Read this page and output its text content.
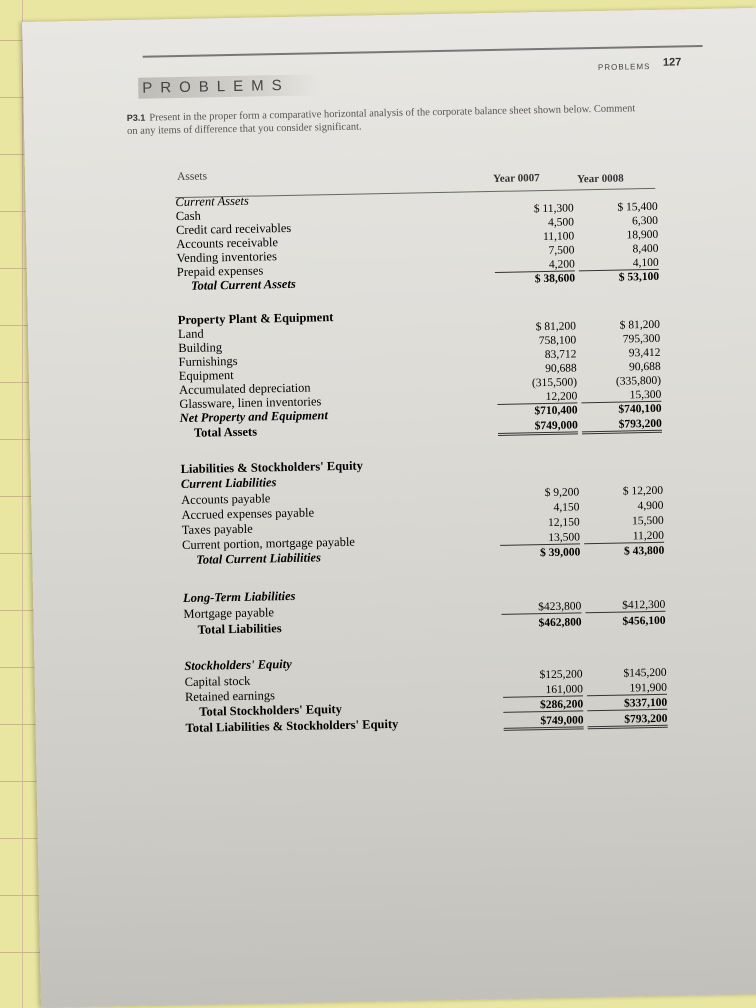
PROBLEMS 127
PROBLEMS
P3.1 Present in the proper form a comparative horizontal analysis of the corporate balance sheet shown below. Comment on any items of difference that you consider significant.
Assets	Year 0007	Year 0008
Current Assets
Cash	$ 11,300	$ 15,400
Credit card receivables	4,500	6,300
Accounts receivable	11,100	18,900
Vending inventories	7,500	8,400
Prepaid expenses	4,200	4,100
Total Current Assets	$ 38,600	$ 53,100
Property Plant & Equipment
Land	$ 81,200	$ 81,200
Building	758,100	795,300
Furnishings	83,712	93,412
Equipment	90,688	90,688
Accumulated depreciation	(315,500)	(335,800)
Glassware, linen inventories	12,200	15,300
Net Property and Equipment	$710,400	$740,100
Total Assets	$749,000	$793,200
Liabilities & Stockholders' Equity
Current Liabilities
Accounts payable	$ 9,200	$ 12,200
Accrued expenses payable	4,150	4,900
Taxes payable	12,150	15,500
Current portion, mortgage payable	13,500	11,200
Total Current Liabilities	$ 39,000	$ 43,800
Long-Term Liabilities
Mortgage payable	$423,800	$412,300
Total Liabilities	$462,800	$456,100
Stockholders' Equity
Capital stock	$125,200	$145,200
Retained earnings	161,000	191,900
Total Stockholders' Equity	$286,200	$337,100
Total Liabilities & Stockholders' Equity	$749,000	$793,200
